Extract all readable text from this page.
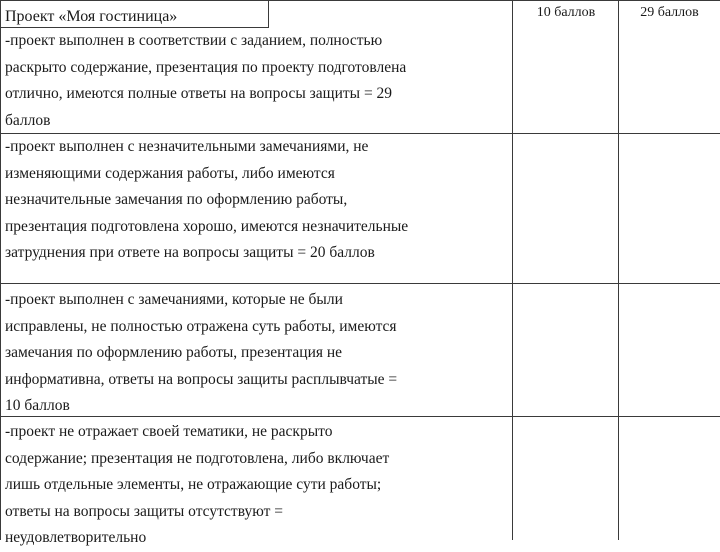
Проект «Моя гостиница»	10 баллов	29 баллов
-проект выполнен в соответствии с заданием, полностью
раскрыто содержание, презентация по проекту подготовлена
отлично, имеются полные ответы на вопросы защиты = 29
баллов
-проект выполнен с незначительными замечаниями, не
изменяющими содержания работы, либо имеются
незначительные замечания по оформлению работы,
презентация подготовлена хорошо, имеются незначительные
затруднения при ответе на вопросы защиты = 20 баллов
-проект выполнен с замечаниями, которые не были
исправлены, не полностью отражена суть работы, имеются
замечания по оформлению работы, презентация не
информативна, ответы на вопросы защиты расплывчатые =
10 баллов
-проект не отражает своей тематики, не раскрыто
содержание; презентация не подготовлена, либо включает
лишь отдельные элементы, не отражающие сути работы;
ответы на вопросы защиты отсутствуют =
неудовлетворительно
